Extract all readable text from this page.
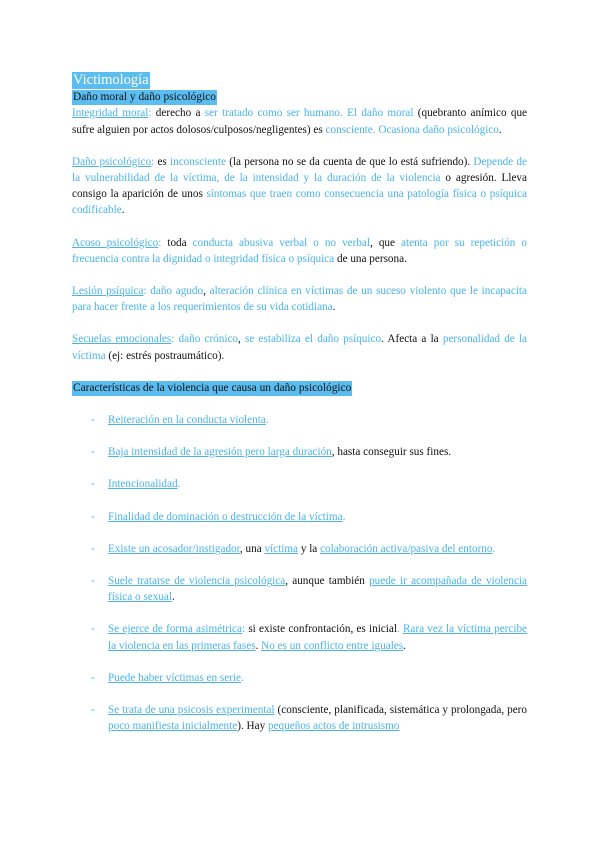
Victimología
Daño moral y daño psicológico

Integridad moral: derecho a ser tratado como ser humano. El daño moral (quebranto anímico que sufre alguien por actos dolosos/culposos/negligentes) es consciente. Ocasiona daño psicológico.

Daño psicológico: es inconsciente (la persona no se da cuenta de que lo está sufriendo). Depende de la vulnerabilidad de la víctima, de la intensidad y la duración de la violencia o agresión. Lleva consigo la aparición de unos síntomas que traen como consecuencia una patología física o psíquica codificable.

Acoso psicológico: toda conducta abusiva verbal o no verbal, que atenta por su repetición o frecuencia contra la dignidad o integridad física o psíquica de una persona.

Lesión psíquica: daño agudo, alteración clínica en víctimas de un suceso violento que le incapacita para hacer frente a los requerimientos de su vida cotidiana.

Secuelas emocionales: daño crónico, se estabiliza el daño psíquico. Afecta a la personalidad de la víctima (ej: estrés postraumático).

Características de la violencia que causa un daño psicológico
- Reiteración en la conducta violenta.
- Baja intensidad de la agresión pero larga duración, hasta conseguir sus fines.
- Intencionalidad.
- Finalidad de dominación o destrucción de la víctima.
- Existe un acosador/instigador, una víctima y la colaboración activa/pasiva del entorno.
- Suele tratarse de violencia psicológica, aunque también puede ir acompañada de violencia física o sexual.
- Se ejerce de forma asimétrica: si existe confrontación, es inicial. Rara vez la víctima percibe la violencia en las primeras fases. No es un conflicto entre iguales.
- Puede haber víctimas en serie.
- Se trata de una psicosis experimental (consciente, planificada, sistemática y prolongada, pero poco manifiesta inicialmente). Hay pequeños actos de intrusismo
